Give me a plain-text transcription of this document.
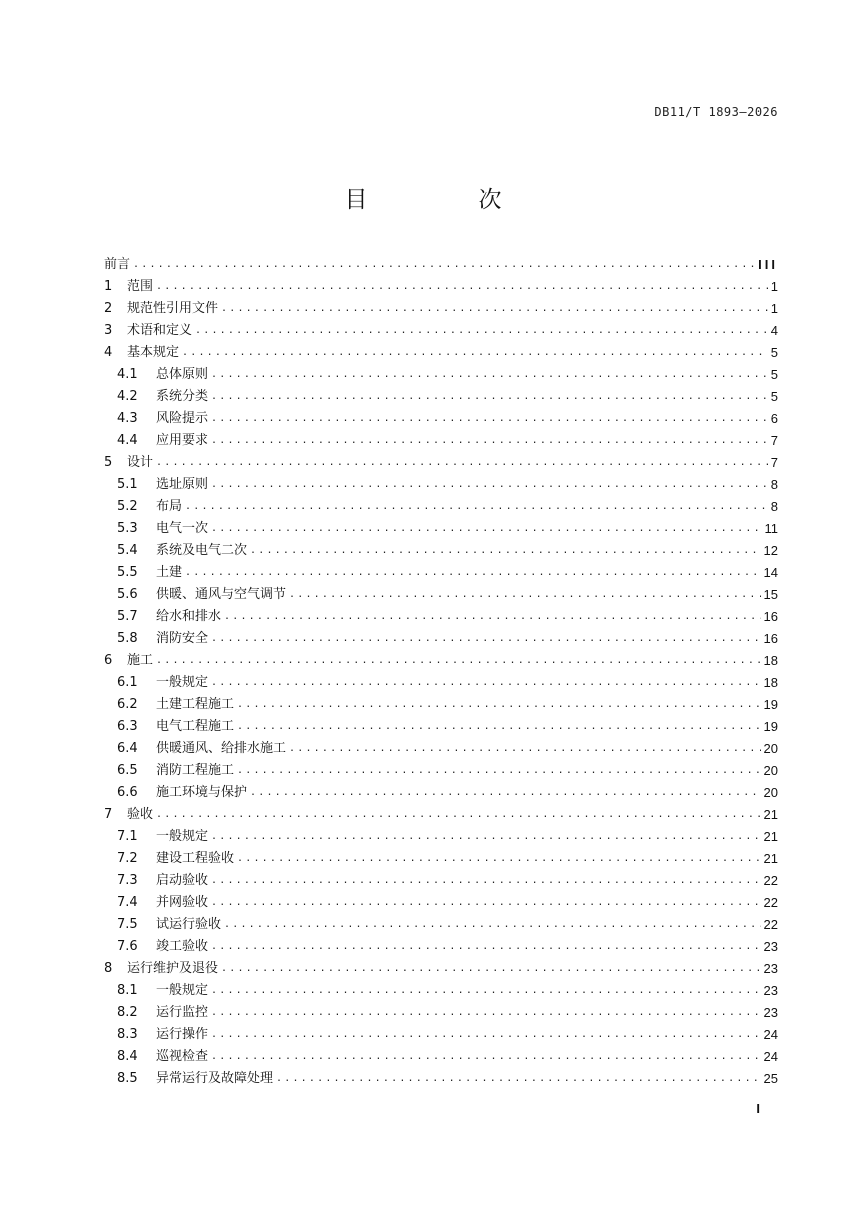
DB11/T 1893—2026
目　次
前言 .....	III
1	范围 .....	1
2	规范性引用文件 .....	1
3	术语和定义 .....	4
4	基本规定 .....	5
4.1	总体原则 .....	5
4.2	系统分类 .....	5
4.3	风险提示 .....	6
4.4	应用要求 .....	7
5	设计 .....	7
5.1	选址原则 .....	8
5.2	布局 .....	8
5.3	电气一次 .....	11
5.4	系统及电气二次 .....	12
5.5	土建 .....	14
5.6	供暖、通风与空气调节 .....	15
5.7	给水和排水 .....	16
5.8	消防安全 .....	16
6	施工 .....	18
6.1	一般规定 .....	18
6.2	土建工程施工 .....	19
6.3	电气工程施工 .....	19
6.4	供暖通风、给排水施工 .....	20
6.5	消防工程施工 .....	20
6.6	施工环境与保护 .....	20
7	验收 .....	21
7.1	一般规定 .....	21
7.2	建设工程验收 .....	21
7.3	启动验收 .....	22
7.4	并网验收 .....	22
7.5	试运行验收 .....	22
7.6	竣工验收 .....	23
8	运行维护及退役 .....	23
8.1	一般规定 .....	23
8.2	运行监控 .....	23
8.3	运行操作 .....	24
8.4	巡视检查 .....	24
8.5	异常运行及故障处理 .....	25
I
